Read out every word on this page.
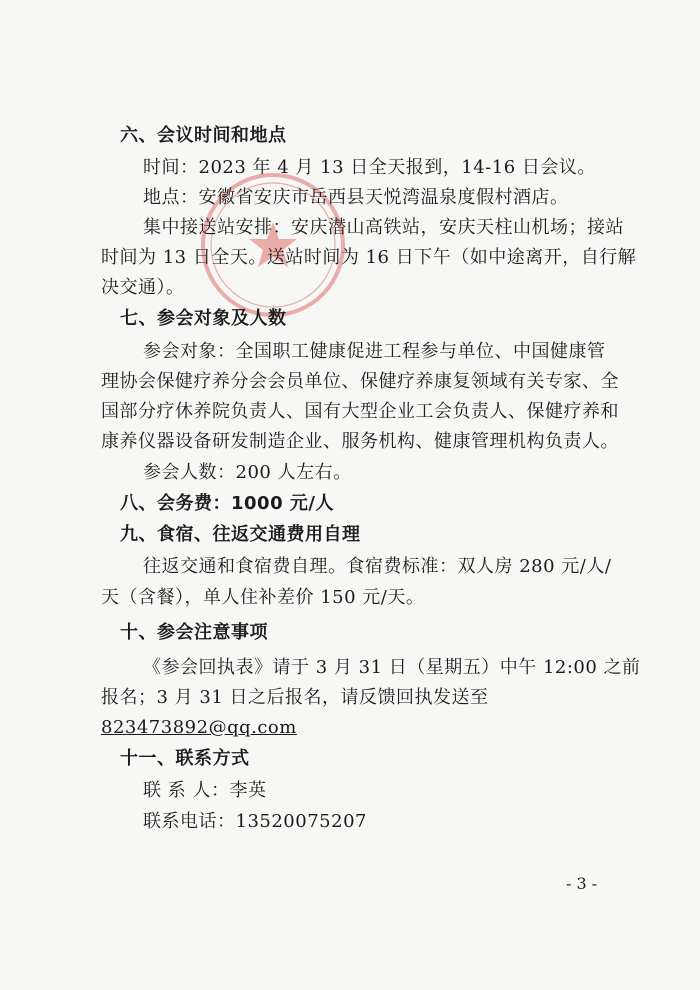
六、会议时间和地点
时间：2023 年 4 月 13 日全天报到，14-16 日会议。
地点：安徽省安庆市岳西县天悦湾温泉度假村酒店。
集中接送站安排：安庆潜山高铁站，安庆天柱山机场；接站
时间为 13 日全天。送站时间为 16 日下午（如中途离开，自行解
决交通）。
七、参会对象及人数
参会对象：全国职工健康促进工程参与单位、中国健康管
理协会保健疗养分会会员单位、保健疗养康复领域有关专家、全
国部分疗休养院负责人、国有大型企业工会负责人、保健疗养和
康养仪器设备研发制造企业、服务机构、健康管理机构负责人。
参会人数：200 人左右。
八、会务费：1000 元/人
九、食宿、往返交通费用自理
往返交通和食宿费自理。食宿费标准：双人房 280 元/人/
天（含餐），单人住补差价 150 元/天。
十、参会注意事项
《参会回执表》请于 3 月 31 日（星期五）中午 12:00 之前
报名；3 月 31 日之后报名，请反馈回执发送至
823473892@qq.com
十一、联系方式
联 系 人：李英
联系电话：13520075207
- 3 -
